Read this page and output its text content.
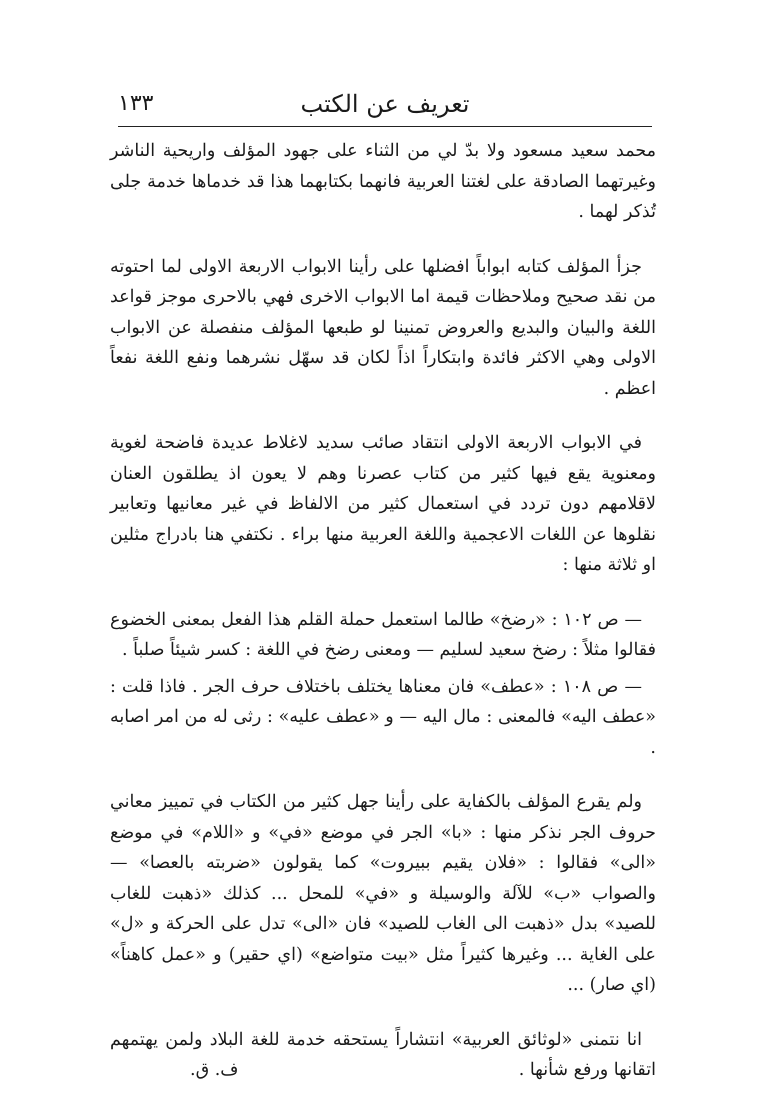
تعريف عن الكتب
١٣٣

محمد سعيد مسعود ولا بدّ لي من الثناء على جهود المؤلف واريحية الناشر وغيرتهما الصادقة على لغتنا العربية فانهما بكتابهما هذا قد خدماها خدمة جلى تُذكر لهما .

جزأ المؤلف كتابه ابواباً افضلها على رأينا الابواب الاربعة الاولى لما احتوته من نقد صحيح وملاحظات قيمة اما الابواب الاخرى فهي بالاحرى موجز قواعد اللغة والبيان والبديع والعروض تمنينا لو طبعها المؤلف منفصلة عن الابواب الاولى وهي الاكثر فائدة وابتكاراً اذاً لكان قد سهّل نشرهما ونفع اللغة نفعاً اعظم .

في الابواب الاربعة الاولى انتقاد صائب سديد لاغلاط عديدة فاضحة لغوية ومعنوية يقع فيها كثير من كتاب عصرنا وهم لا يعون اذ يطلقون العنان لاقلامهم دون تردد في استعمال كثير من الالفاظ في غير معانيها وتعابير نقلوها عن اللغات الاعجمية واللغة العربية منها براء . نكتفي هنا بادراج مثلين او ثلاثة منها :

— ص ١٠٢ : «رضخ» طالما استعمل حملة القلم هذا الفعل بمعنى الخضوع فقالوا مثلاً : رضخ سعيد لسليم — ومعنى رضخ في اللغة : كسر شيئاً صلباً .

— ص ١٠٨ : «عطف» فان معناها يختلف باختلاف حرف الجر . فاذا قلت : «عطف اليه» فالمعنى : مال اليه — و «عطف عليه» : رثى له من امر اصابه .

ولم يقرع المؤلف بالكفاية على رأينا جهل كثير من الكتاب في تمييز معاني حروف الجر نذكر منها : «با» الجر في موضع «في» و «اللام» في موضع «الى» فقالوا : «فلان يقيم ببيروت» كما يقولون «ضربته بالعصا» — والصواب «ب» للآلة والوسيلة و «في» للمحل ... كذلك «ذهبت للغاب للصيد» بدل «ذهبت الى الغاب للصيد» فان «الى» تدل على الحركة و «ل» على الغاية ... وغيرها كثيراً مثل «بيت متواضع» (اي حقير) و «عمل كاهناً» (اي صار) ...

انا نتمنى «لوثائق العربية» انتشاراً يستحقه خدمة للغة البلاد ولمن يهتمهم اتقانها ورفع شأنها .
ف. ق.
